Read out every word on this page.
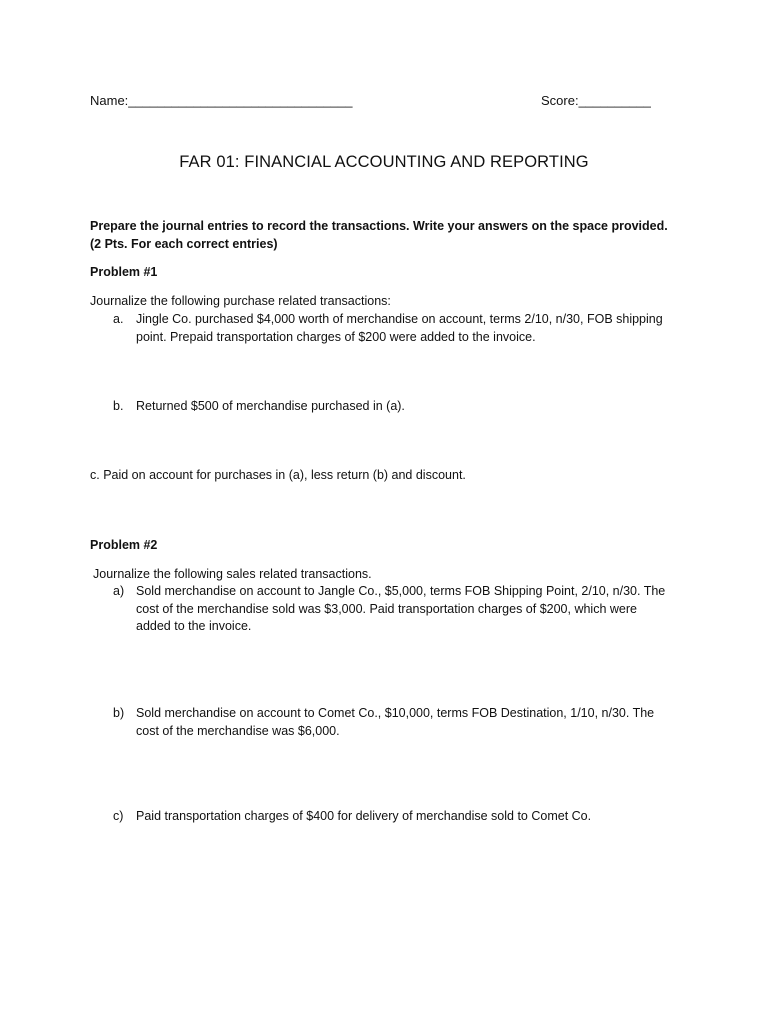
Name:_______________________________	Score:__________
FAR 01: FINANCIAL ACCOUNTING AND REPORTING
Prepare the journal entries to record the transactions. Write your answers on the space provided. (2 Pts. For each correct entries)
Problem #1
Journalize the following purchase related transactions:
a.	Jingle Co. purchased $4,000 worth of merchandise on account, terms 2/10, n/30, FOB shipping point. Prepaid transportation charges of $200 were added to the invoice.
b.	Returned $500 of merchandise purchased in (a).
c. Paid on account for purchases in (a), less return (b) and discount.
Problem #2
Journalize the following sales related transactions.
a) Sold merchandise on account to Jangle Co., $5,000, terms FOB Shipping Point, 2/10, n/30. The cost of the merchandise sold was $3,000. Paid transportation charges of $200, which were added to the invoice.
b) Sold merchandise on account to Comet Co., $10,000, terms FOB Destination, 1/10, n/30. The cost of the merchandise was $6,000.
c)	Paid transportation charges of $400 for delivery of merchandise sold to Comet Co.
